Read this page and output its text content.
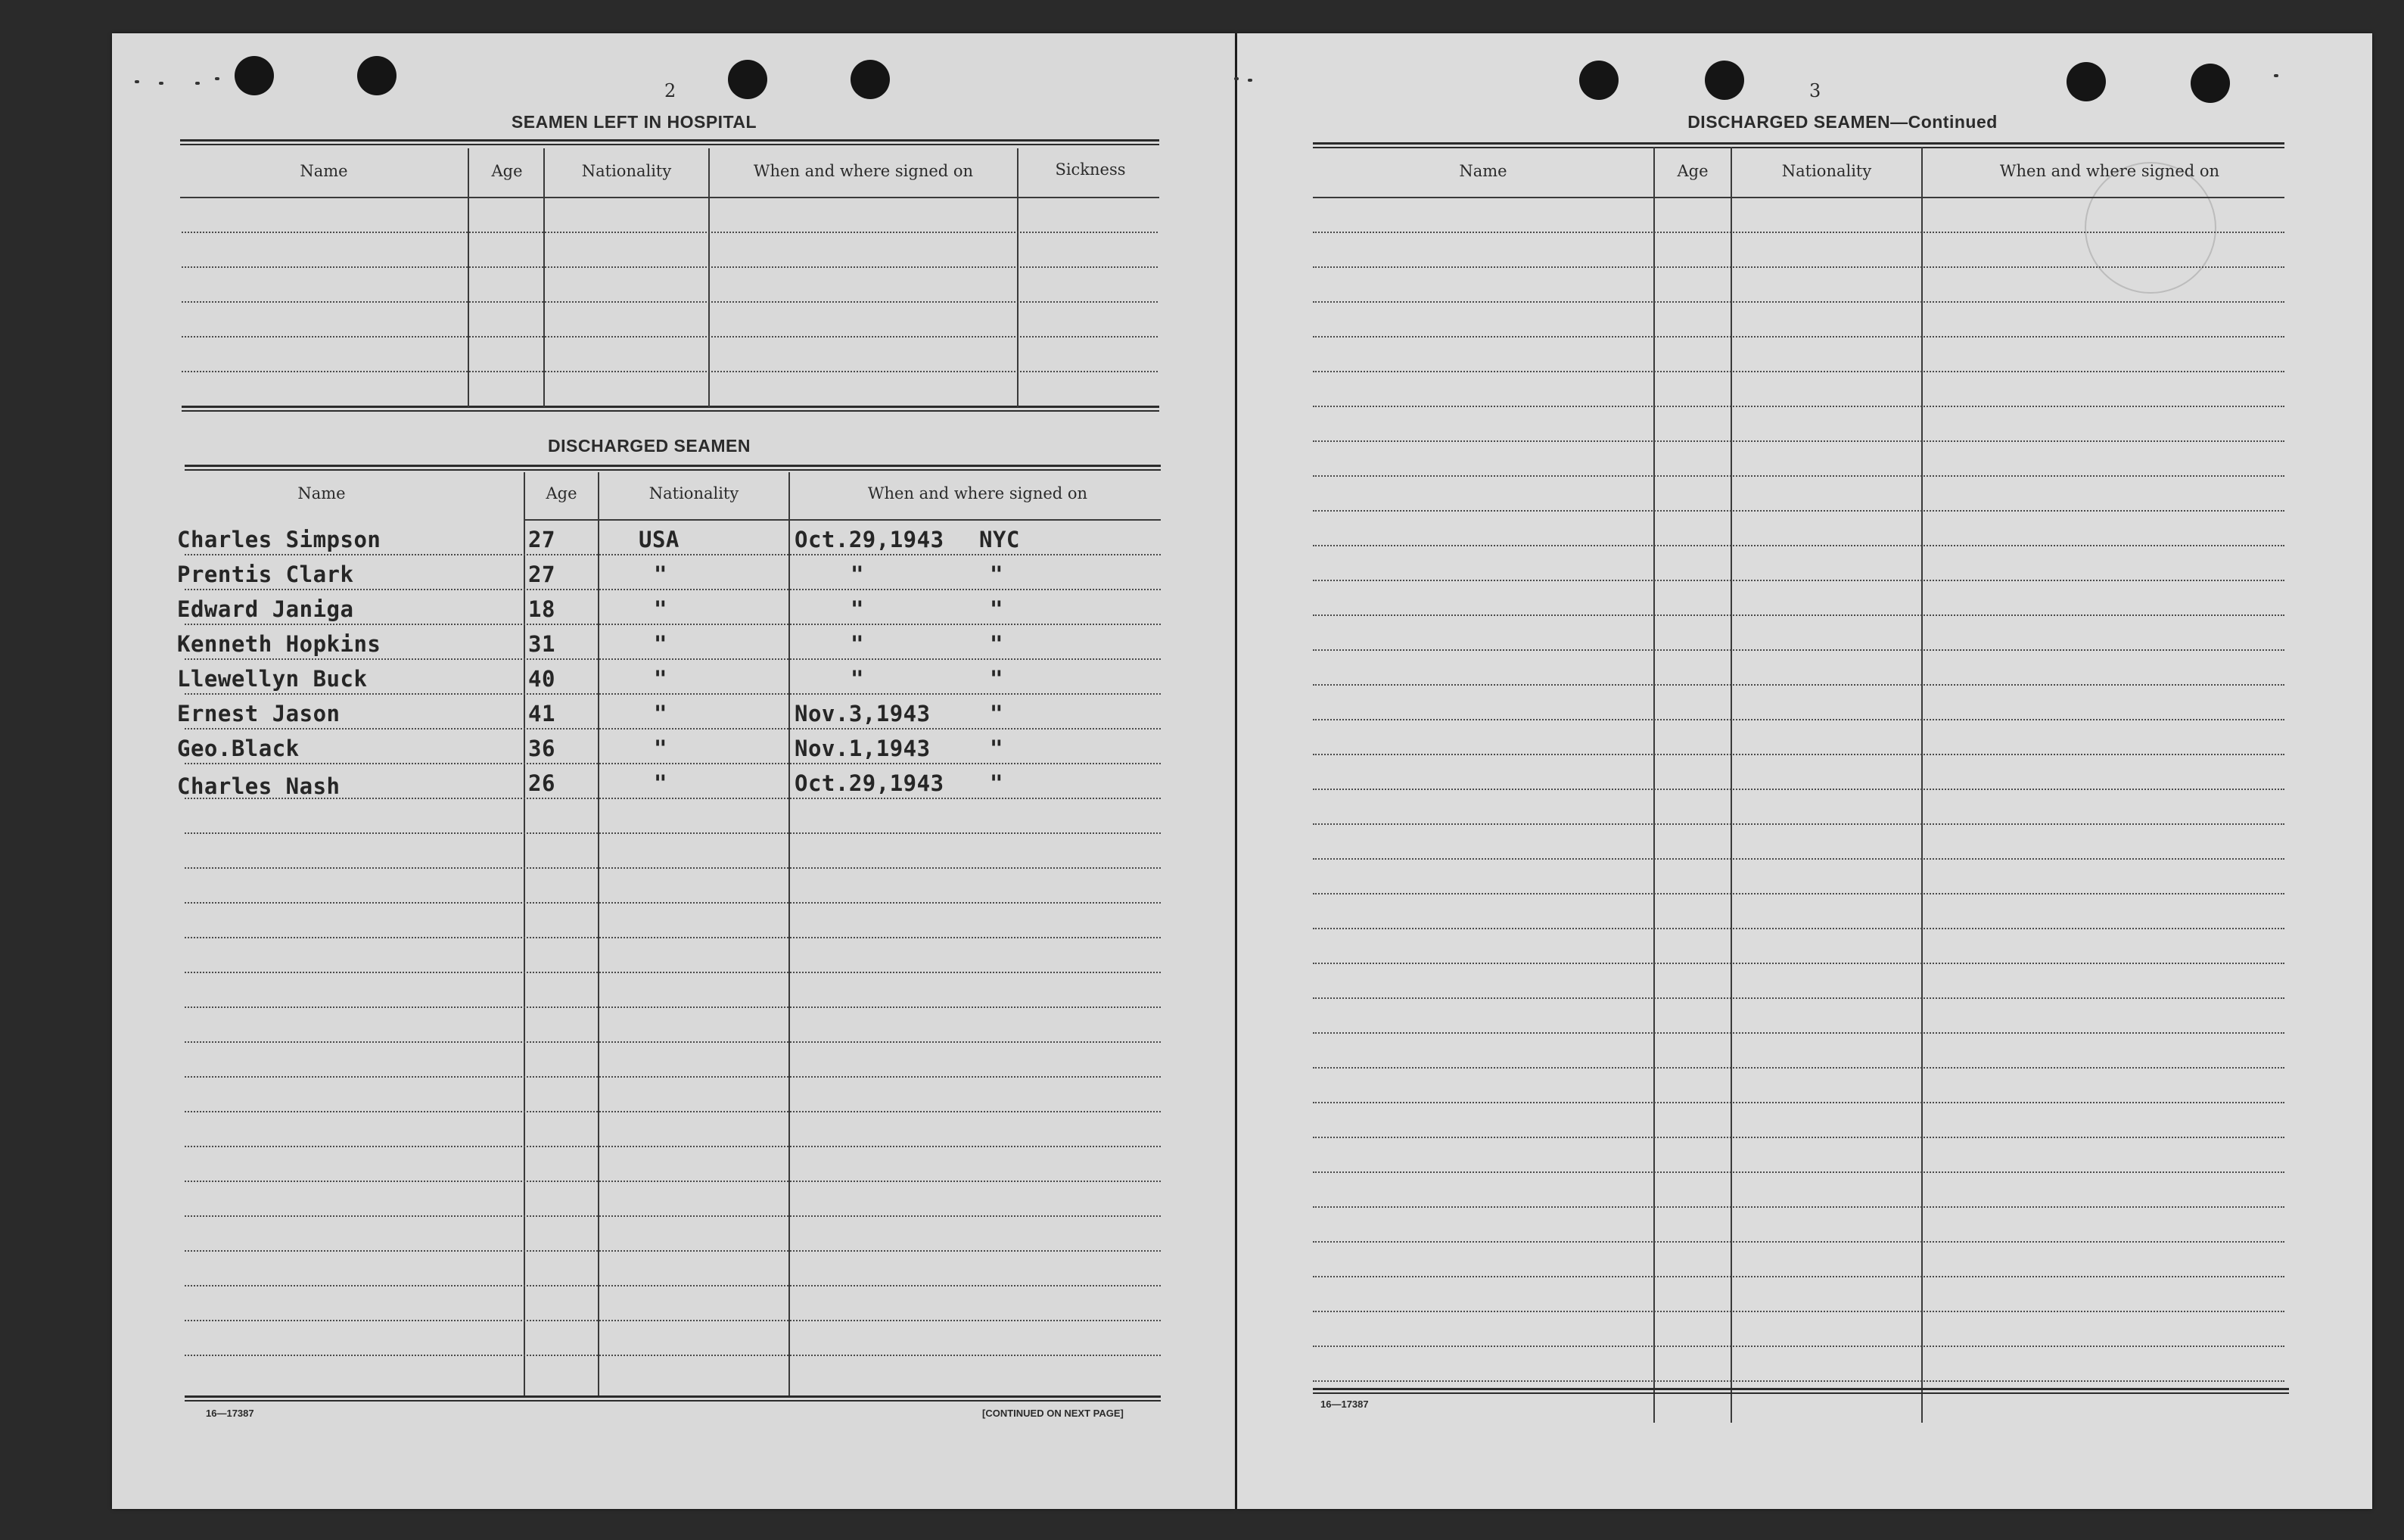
2
SEAMEN LEFT IN HOSPITAL
Name	Age	Nationality	When and where signed on	Sickness
DISCHARGED SEAMEN
Name	Age	Nationality	When and where signed on
Charles Simpson	27	USA	Oct.29,1943 NYC
Prentis Clark	27	"	"	"
Edward Janiga	18	"	"	"
Kenneth Hopkins	31	"	"	"
Llewellyn Buck	40	"	"	"
Ernest Jason	41	"	Nov.3,1943	"
Geo.Black	36	"	Nov.1,1943	"
Charles Nash	26	"	Oct.29,1943 "
16—17387	[CONTINUED ON NEXT PAGE]
3
DISCHARGED SEAMEN—Continued
Name	Age	Nationality	When and where signed on
16—17387
